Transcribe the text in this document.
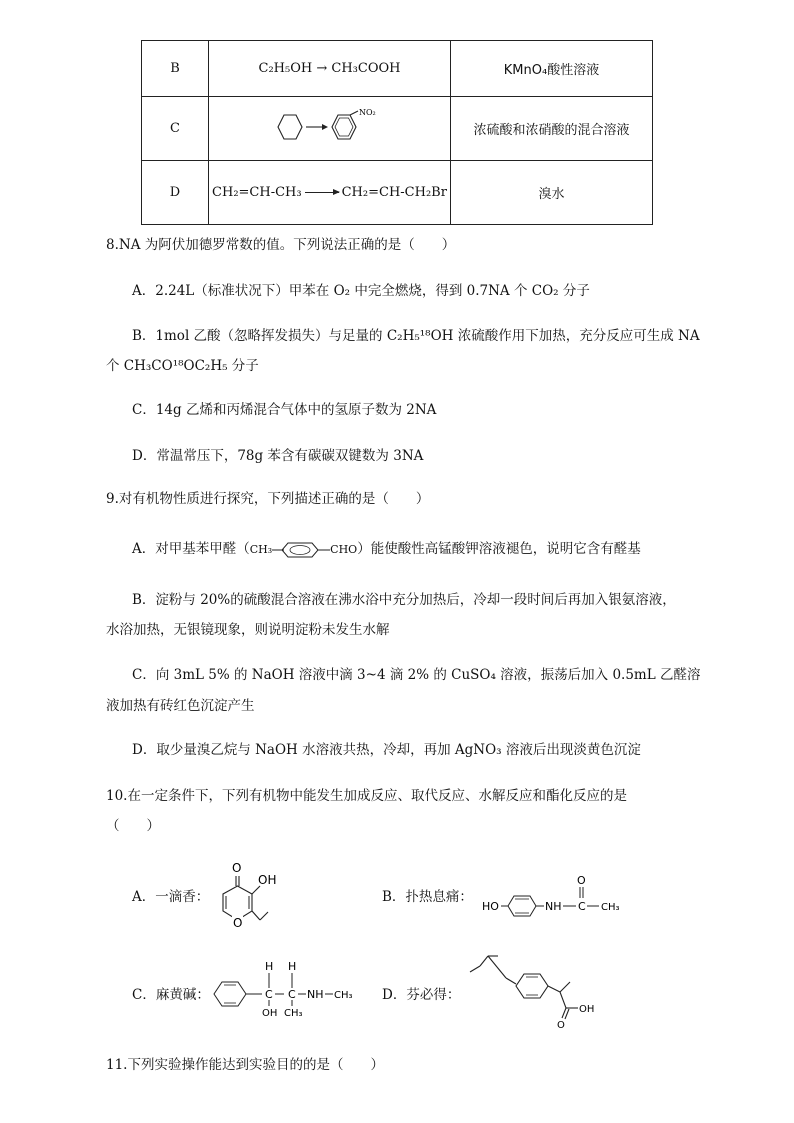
B	C₂H₅OH → CH₃COOH	KMnO₄酸性溶液
C	NO₂	浓硫酸和浓硝酸的混合溶液
D	CH₂=CH-CH₃ CH₂=CH-CH₂Br	溴水
8.NA 为阿伏加德罗常数的值。下列说法正确的是（　　）
A．2.24L（标准状况下）甲苯在 O₂ 中完全燃烧，得到 0.7NA 个 CO₂ 分子
B．1mol 乙酸（忽略挥发损失）与足量的 C₂H₅¹⁸OH 浓硫酸作用下加热，充分反应可生成 NA
个 CH₃CO¹⁸OC₂H₅ 分子
C．14g 乙烯和丙烯混合气体中的氢原子数为 2NA
D．常温常压下，78g 苯含有碳碳双键数为 3NA
9.对有机物性质进行探究，下列描述正确的是（　　）
A．对甲基苯甲醛（CH₃	CHO）能使酸性高锰酸钾溶液褪色，说明它含有醛基
B．淀粉与 20%的硫酸混合溶液在沸水浴中充分加热后，冷却一段时间后再加入银氨溶液，
水浴加热，无银镜现象，则说明淀粉未发生水解
C．向 3mL 5% 的 NaOH 溶液中滴 3~4 滴 2% 的 CuSO₄ 溶液，振荡后加入 0.5mL 乙醛溶
液加热有砖红色沉淀产生
D．取少量溴乙烷与 NaOH 水溶液共热，冷却，再加 AgNO₃ 溶液后出现淡黄色沉淀
10.在一定条件下，下列有机物中能发生加成反应、取代反应、水解反应和酯化反应的是
（　　）
A．一滴香：
O
OH
O
B．扑热息痛：
HO	NH C
O
CH₃
C．麻黄碱：
H
C
OH
H
C
CH₃
NH CH₃ D．芬必得：
O
OH
11.下列实验操作能达到实验目的的是（　　）
